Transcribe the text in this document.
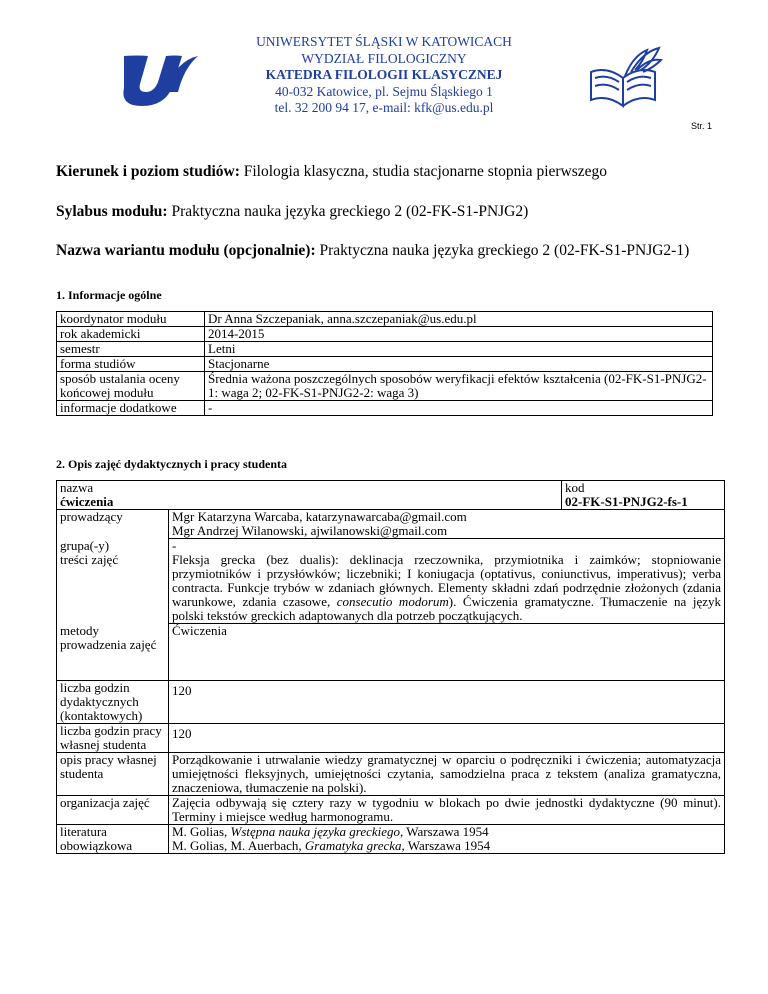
UNIWERSYTET ŚLĄSKI W KATOWICACH
WYDZIAŁ FILOLOGICZNY
KATEDRA FILOLOGII KLASYCZNEJ
40-032 Katowice, pl. Sejmu Śląskiego 1
tel. 32 200 94 17, e-mail: kfk@us.edu.pl
Str. 1
Kierunek i poziom studiów: Filologia klasyczna, studia stacjonarne stopnia pierwszego
Sylabus modułu: Praktyczna nauka języka greckiego 2 (02-FK-S1-PNJG2)
Nazwa wariantu modułu (opcjonalnie): Praktyczna nauka języka greckiego 2 (02-FK-S1-PNJG2-1)
1. Informacje ogólne
koordynator modułu	Dr Anna Szczepaniak, anna.szczepaniak@us.edu.pl
rok akademicki	2014-2015
semestr	Letni
forma studiów	Stacjonarne
sposób ustalania oceny końcowej modułu	Średnia ważona poszczególnych sposobów weryfikacji efektów kształcenia (02-FK-S1-PNJG2-1: waga 2; 02-FK-S1-PNJG2-2: waga 3)
informacje dodatkowe	-
2. Opis zajęć dydaktycznych i pracy studenta
nazwa		kod
ćwiczenia		02-FK-S1-PNJG2-fs-1
prowadzący	Mgr Katarzyna Warcaba, katarzynawarcaba@gmail.com
Mgr Andrzej Wilanowski, ajwilanowski@gmail.com	

grupa(-y)	-	
treści zajęć	Fleksja grecka (bez dualis): deklinacja rzeczownika, przymiotnika i zaimków; stopniowanie przymiotników i przysłówków; liczebniki; I koniugacja (optativus, coniunctivus, imperativus); verba contracta. Funkcje trybów w zdaniach głównych. Elementy składni zdań podrzędnie złożonych (zdania warunkowe, zdania czasowe, consecutio modorum). Ćwiczenia gramatyczne. Tłumaczenie na język polski tekstów greckich adaptowanych dla potrzeb początkujących.	
metody prowadzenia zajęć	Ćwiczenia	
liczba godzin dydaktycznych (kontaktowych)	120	
liczba godzin pracy własnej studenta	120	
opis pracy własnej studenta	Porządkowanie i utrwalanie wiedzy gramatycznej w oparciu o podręczniki i ćwiczenia; automatyzacja umiejętności fleksyjnych, umiejętności czytania, samodzielna praca z tekstem (analiza gramatyczna, znaczeniowa, tłumaczenie na polski).	
organizacja zajęć	Zajęcia odbywają się cztery razy w tygodniu w blokach po dwie jednostki dydaktyczne (90 minut). Terminy i miejsce według harmonogramu.	
literatura obowiązkowa	M. Golias, Wstępna nauka języka greckiego, Warszawa 1954
M. Golias, M. Auerbach, Gramatyka grecka, Warszawa 1954	
